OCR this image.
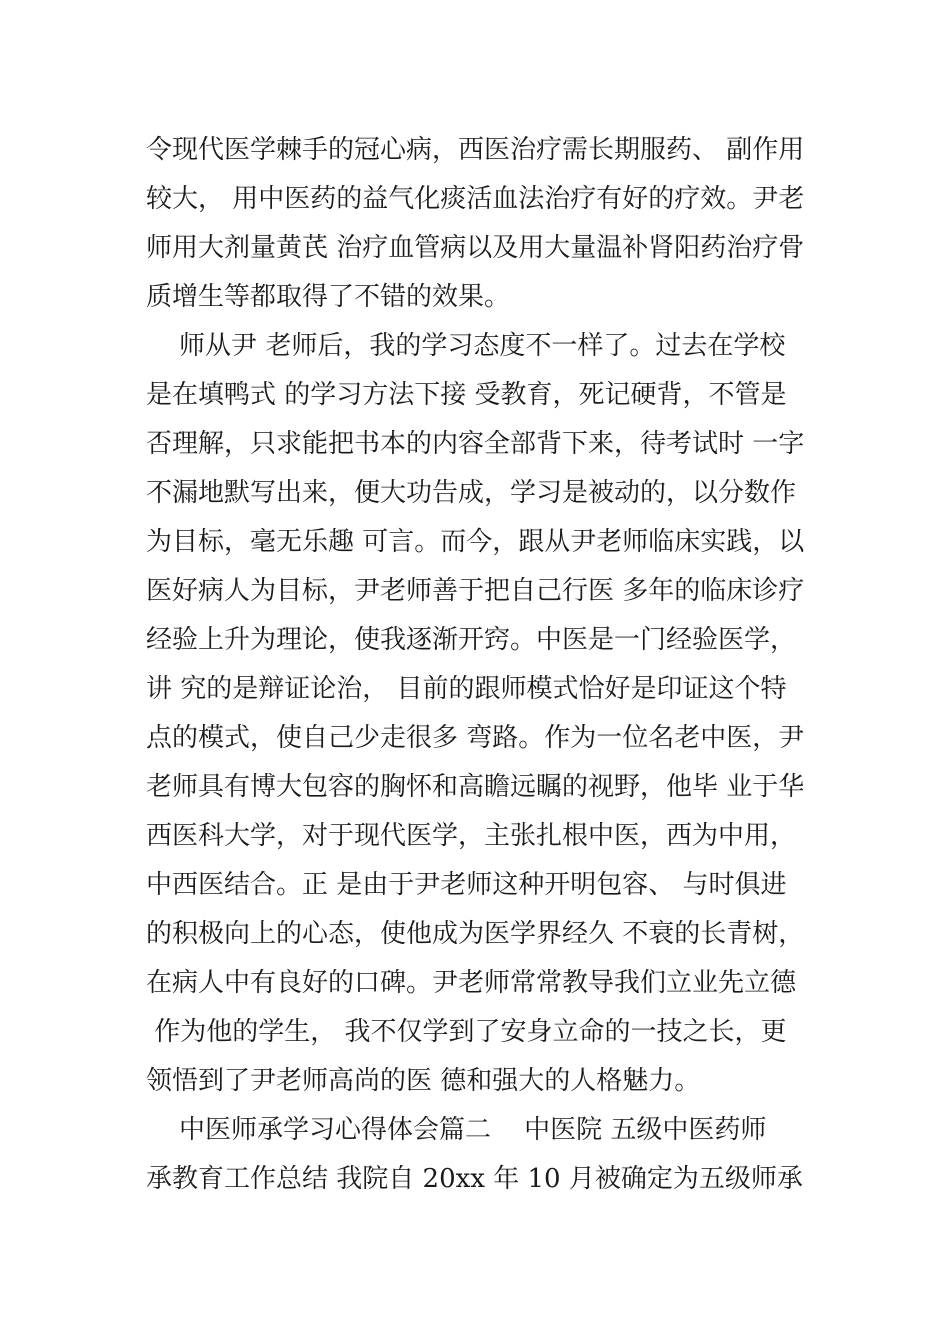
令现代医学棘手的冠心病，西医治疗需长期服药、 副作用
较大， 用中医药的益气化痰活血法治疗有好的疗效。尹老
师用大剂量黄芪 治疗血管病以及用大量温补肾阳药治疗骨
质增生等都取得了不错的效果。
师从尹 老师后，我的学习态度不一样了。过去在学校
是在填鸭式 的学习方法下接 受教育，死记硬背，不管是
否理解，只求能把书本的内容全部背下来，待考试时 一字
不漏地默写出来，便大功告成，学习是被动的，以分数作
为目标，毫无乐趣 可言。而今，跟从尹老师临床实践，以
医好病人为目标，尹老师善于把自己行医 多年的临床诊疗
经验上升为理论，使我逐渐开窍。中医是一门经验医学，
讲 究的是辩证论治， 目前的跟师模式恰好是印证这个特
点的模式，使自己少走很多 弯路。作为一位名老中医，尹
老师具有博大包容的胸怀和高瞻远瞩的视野，他毕 业于华
西医科大学，对于现代医学，主张扎根中医，西为中用，
中西医结合。正 是由于尹老师这种开明包容、 与时俱进
的积极向上的心态，使他成为医学界经久 不衰的长青树，
在病人中有良好的口碑。尹老师常常教导我们立业先立德
作为他的学生， 我不仅学到了安身立命的一技之长，更
领悟到了尹老师高尚的医 德和强大的人格魅力。
中医师承学习心得体会篇二    中医院 五级中医药师
承教育工作总结 我院自 20xx 年 10 月被确定为五级师承
